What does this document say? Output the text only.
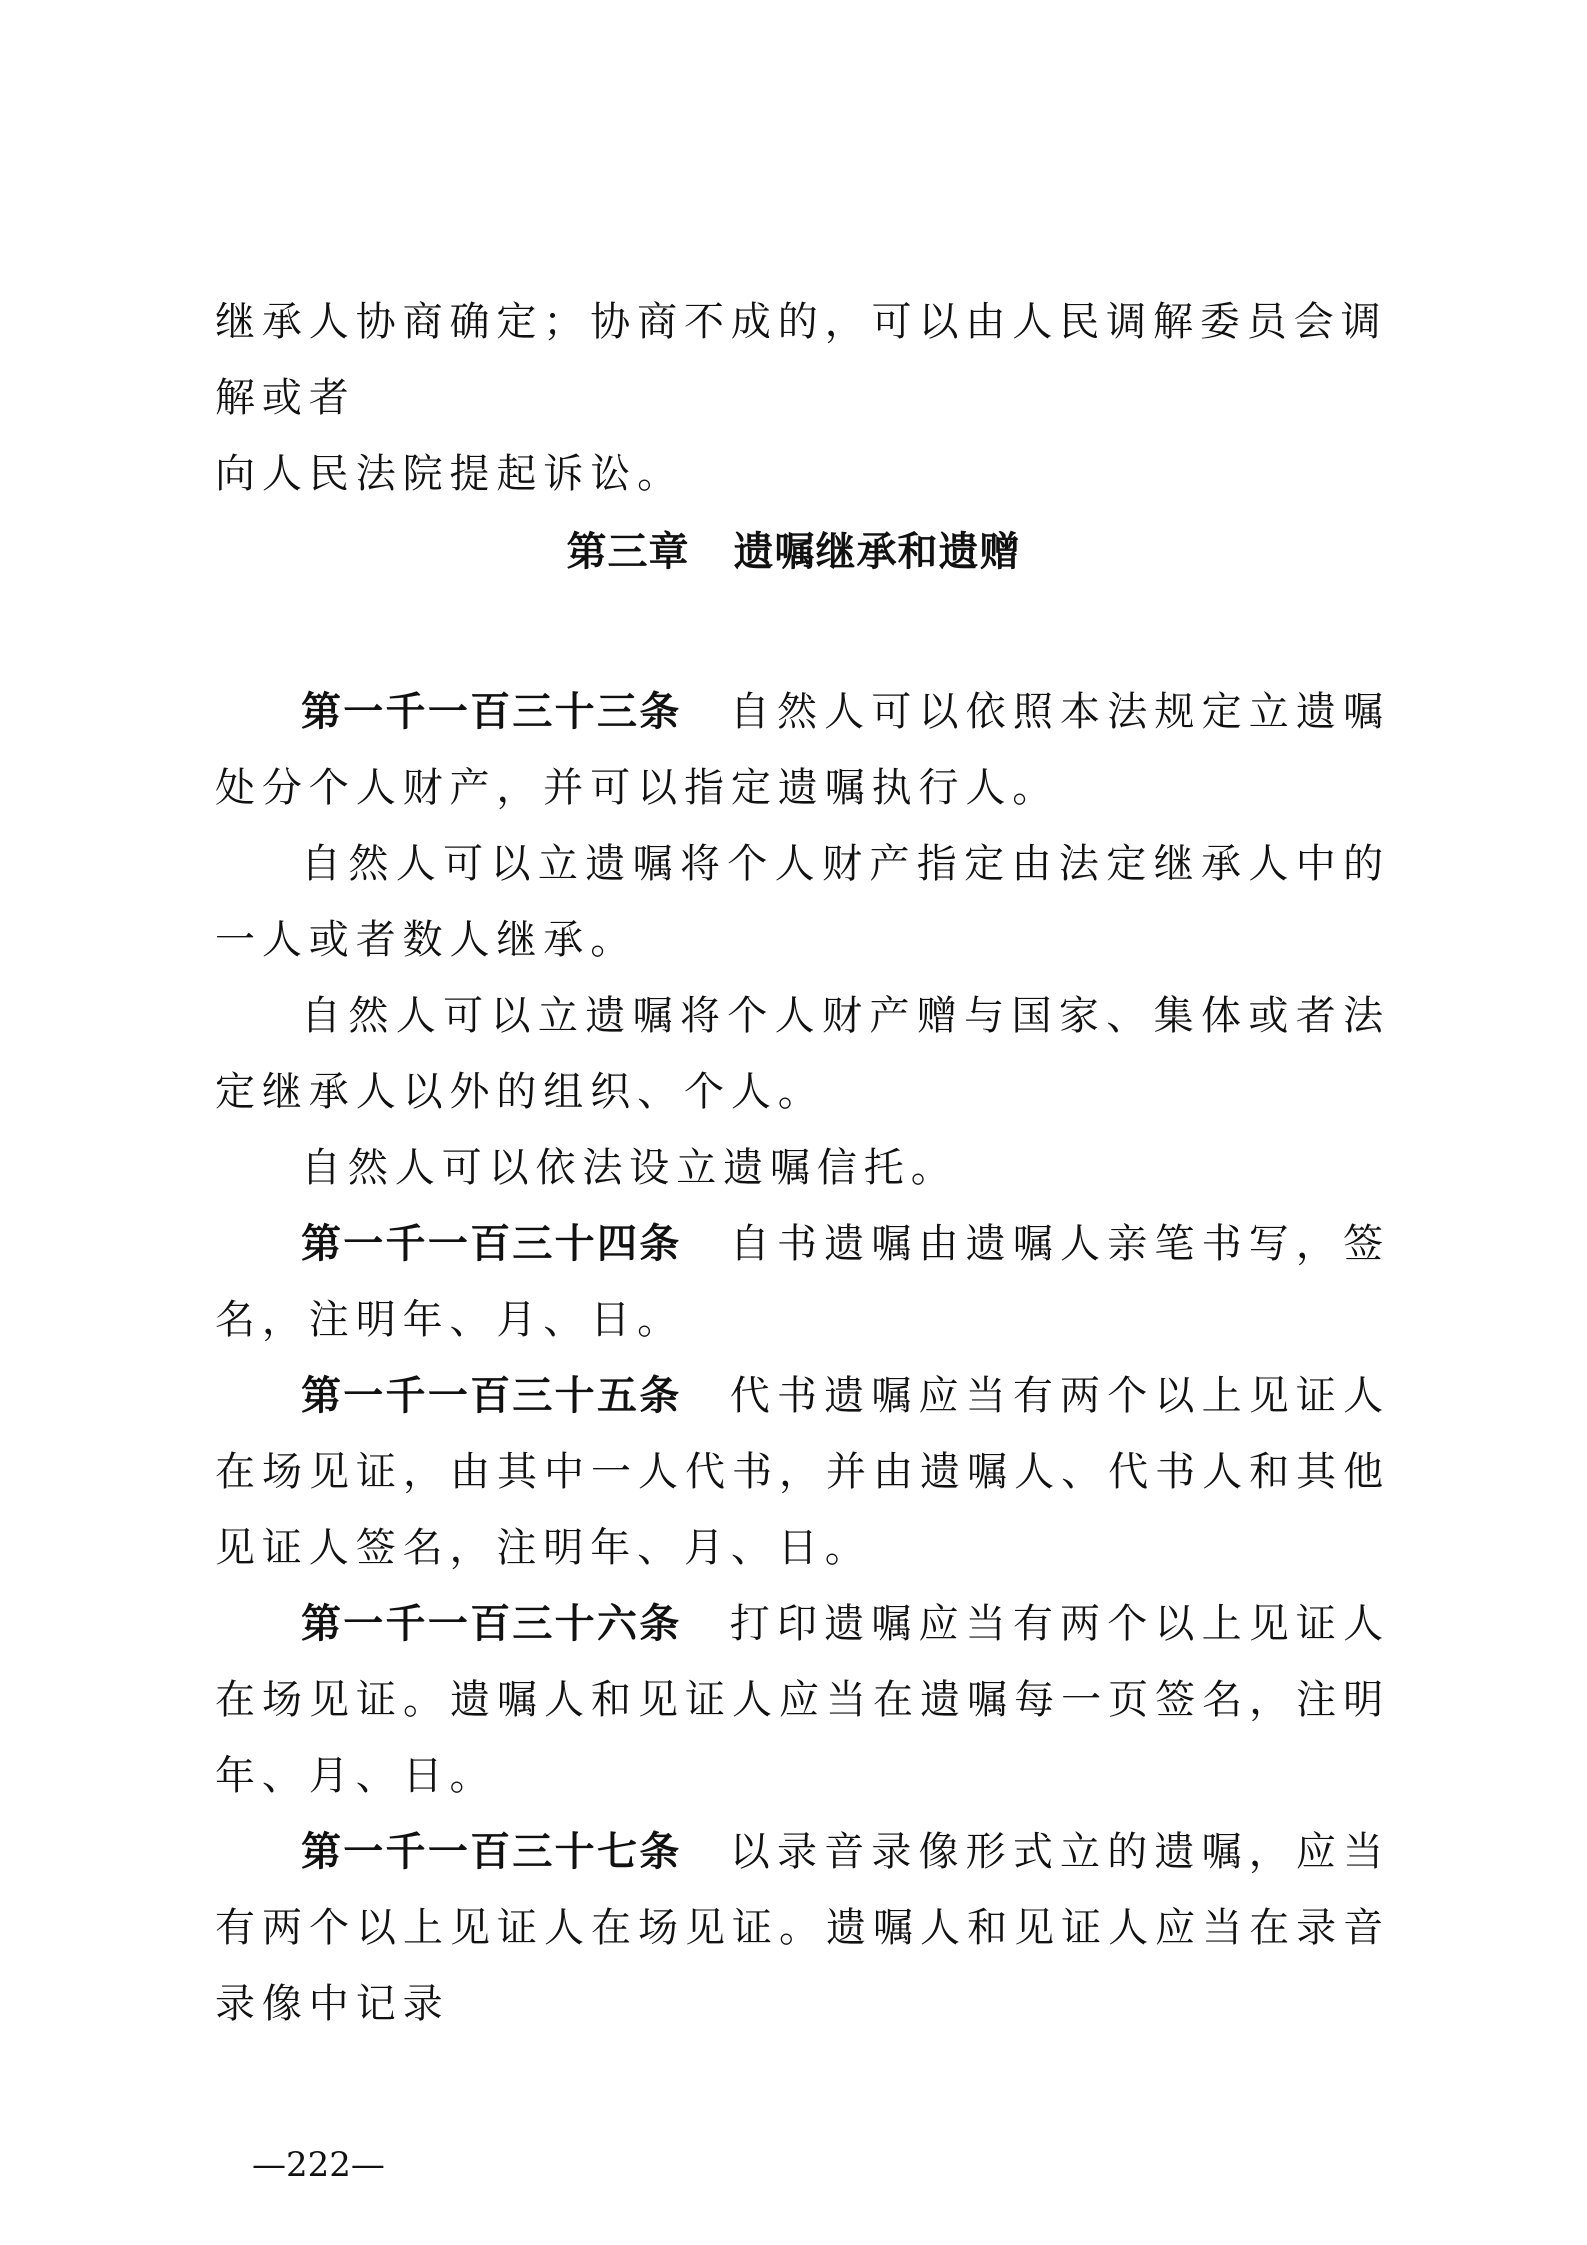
继承人协商确定；协商不成的，可以由人民调解委员会调解或者
向人民法院提起诉讼。
第三章 遗嘱继承和遗赠

第一千一百三十三条 自然人可以依照本法规定立遗嘱处分个人财产，并可以指定遗嘱执行人。

自然人可以立遗嘱将个人财产指定由法定继承人中的一人或者数人继承。

自然人可以立遗嘱将个人财产赠与国家、集体或者法定继承人以外的组织、个人。

自然人可以依法设立遗嘱信托。

第一千一百三十四条 自书遗嘱由遗嘱人亲笔书写，签名，注明年、月、日。

第一千一百三十五条 代书遗嘱应当有两个以上见证人在场见证，由其中一人代书，并由遗嘱人、代书人和其他见证人签名，注明年、月、日。

第一千一百三十六条 打印遗嘱应当有两个以上见证人在场见证。遗嘱人和见证人应当在遗嘱每一页签名，注明年、月、日。

第一千一百三十七条 以录音录像形式立的遗嘱，应当有两个以上见证人在场见证。遗嘱人和见证人应当在录音录像中记录

—222—
